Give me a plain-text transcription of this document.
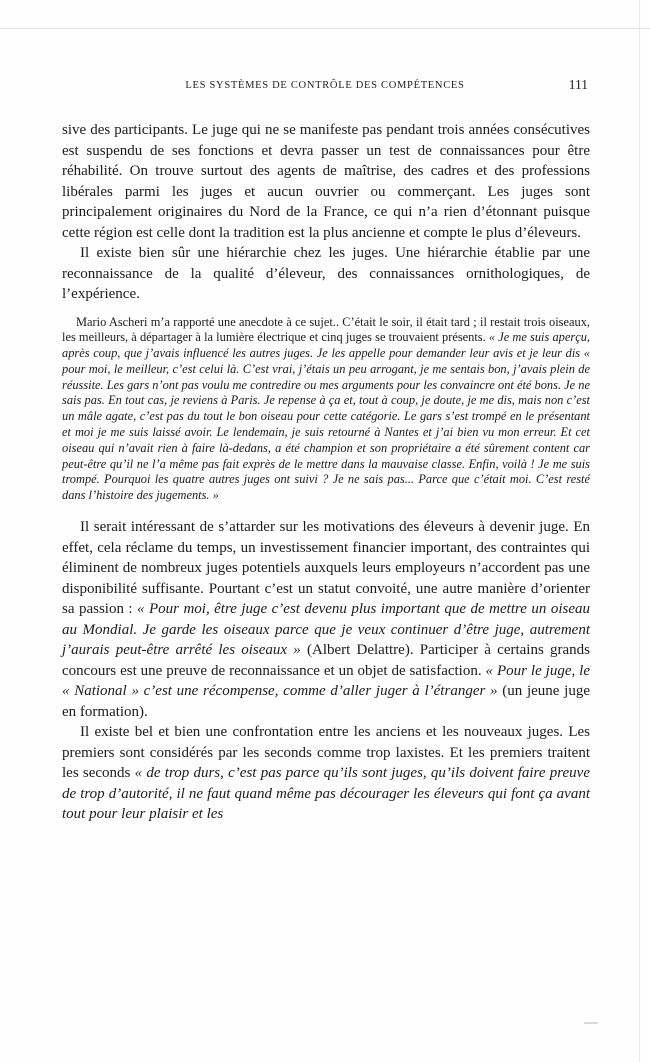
LES SYSTÈMES DE CONTRÔLE DES COMPÉTENCES	111

sive des participants. Le juge qui ne se manifeste pas pendant trois années consécutives est suspendu de ses fonctions et devra passer un test de connaissances pour être réhabilité. On trouve surtout des agents de maîtrise, des cadres et des professions libérales parmi les juges et aucun ouvrier ou commerçant. Les juges sont principalement originaires du Nord de la France, ce qui n’a rien d’étonnant puisque cette région est celle dont la tradition est la plus ancienne et compte le plus d’éleveurs.

Il existe bien sûr une hiérarchie chez les juges. Une hiérarchie établie par une reconnaissance de la qualité d’éleveur, des connaissances ornithologiques, de l’expérience.

Mario Ascheri m’a rapporté une anecdote à ce sujet.. C’était le soir, il était tard ; il restait trois oiseaux, les meilleurs, à départager à la lumière électrique et cinq juges se trouvaient présents. « Je me suis aperçu, après coup, que j’avais influencé les autres juges. Je les appelle pour demander leur avis et je leur dis « pour moi, le meilleur, c’est celui là. C’est vrai, j’étais un peu arrogant, je me sentais bon, j’avais plein de réussite. Les gars n’ont pas voulu me contredire ou mes arguments pour les convaincre ont été bons. Je ne sais pas. En tout cas, je reviens à Paris. Je repense à ça et, tout à coup, je doute, je me dis, mais non c’est un mâle agate, c’est pas du tout le bon oiseau pour cette catégorie. Le gars s’est trompé en le présentant et moi je me suis laissé avoir. Le lendemain, je suis retourné à Nantes et j’ai bien vu mon erreur. Et cet oiseau qui n’avait rien à faire là-dedans, a été champion et son propriétaire a été sûrement content car peut-être qu’il ne l’a même pas fait exprès de le mettre dans la mauvaise classe. Enfin, voilà ! Je me suis trompé. Pourquoi les quatre autres juges ont suivi ? Je ne sais pas... Parce que c’était moi. C’est resté dans l’histoire des jugements. »

Il serait intéressant de s’attarder sur les motivations des éleveurs à devenir juge. En effet, cela réclame du temps, un investissement financier important, des contraintes qui éliminent de nombreux juges potentiels auxquels leurs employeurs n’accordent pas une disponibilité suffisante. Pourtant c’est un statut convoité, une autre manière d’orienter sa passion : « Pour moi, être juge c’est devenu plus important que de mettre un oiseau au Mondial. Je garde les oiseaux parce que je veux continuer d’être juge, autrement j’aurais peut-être arrêté les oiseaux » (Albert Delattre). Participer à certains grands concours est une preuve de reconnaissance et un objet de satisfaction. « Pour le juge, le « National » c’est une récompense, comme d’aller juger à l’étranger » (un jeune juge en formation).

Il existe bel et bien une confrontation entre les anciens et les nouveaux juges. Les premiers sont considérés par les seconds comme trop laxistes. Et les premiers traitent les seconds « de trop durs, c’est pas parce qu’ils sont juges, qu’ils doivent faire preuve de trop d’autorité, il ne faut quand même pas décourager les éleveurs qui font ça avant tout pour leur plaisir et les
